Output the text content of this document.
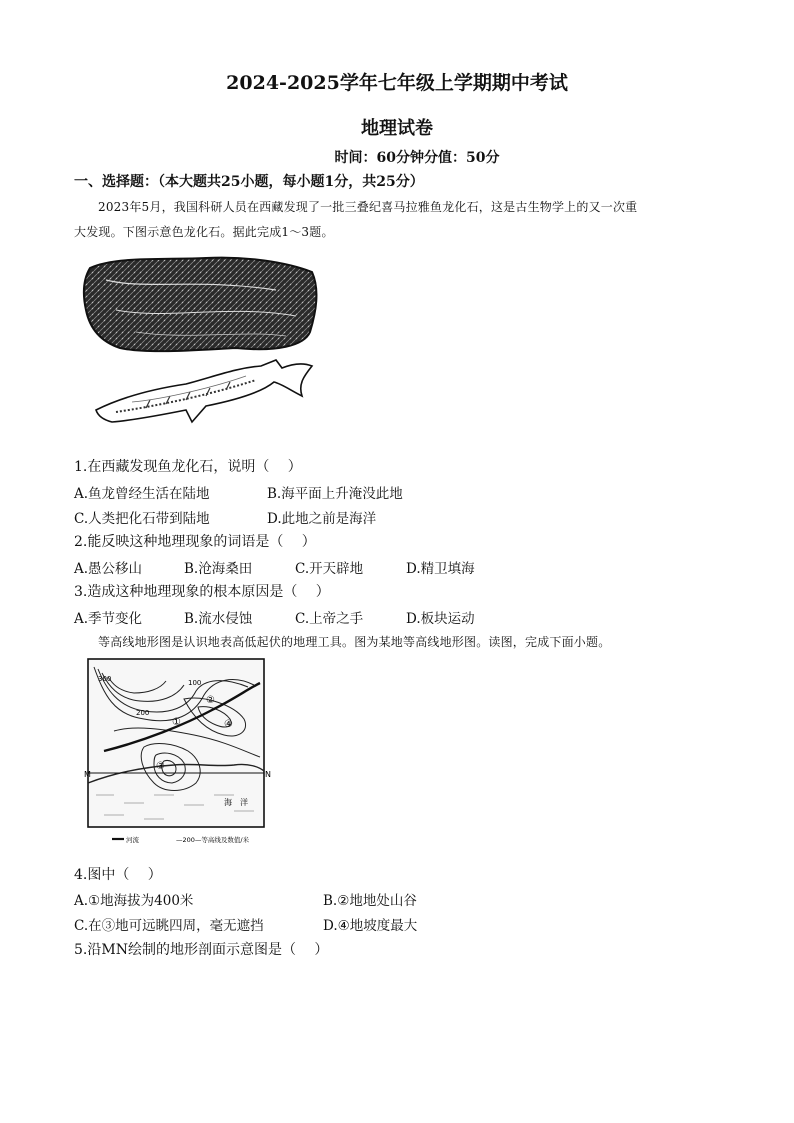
2024-2025学年七年级上学期期中考试
地理试卷
时间：60分钟分值：50分
一、选择题：（本大题共25小题，每小题1分，共25分）
2023年5月，我国科研人员在西藏发现了一批三叠纪喜马拉雅鱼龙化石，这是古生物学上的又一次重
大发现。下图示意色龙化石。据此完成1～3题。
1.在西藏发现鱼龙化石，说明（　 ）
A.鱼龙曾经生活在陆地	B.海平面上升淹没此地
C.人类把化石带到陆地	D.此地之前是海洋
2.能反映这种地理现象的词语是（　 ）
A.愚公移山	B.沧海桑田	C.开天辟地	D.精卫填海
3.造成这种地理现象的根本原因是（　 ）
A.季节变化	B.流水侵蚀	C.上帝之手	D.板块运动
等高线地形图是认识地表高低起伏的地理工具。图为某地等高线地形图。读图，完成下面小题。
M	N
200
100
300
①
②
③
④
海　洋
河流	—200—等高线及数值/米
4.图中（　 ）
A.①地海拔为400米	B.②地地处山谷
C.在③地可远眺四周，毫无遮挡	D.④地坡度最大
5.沿MN绘制的地形剖面示意图是（　 ）
